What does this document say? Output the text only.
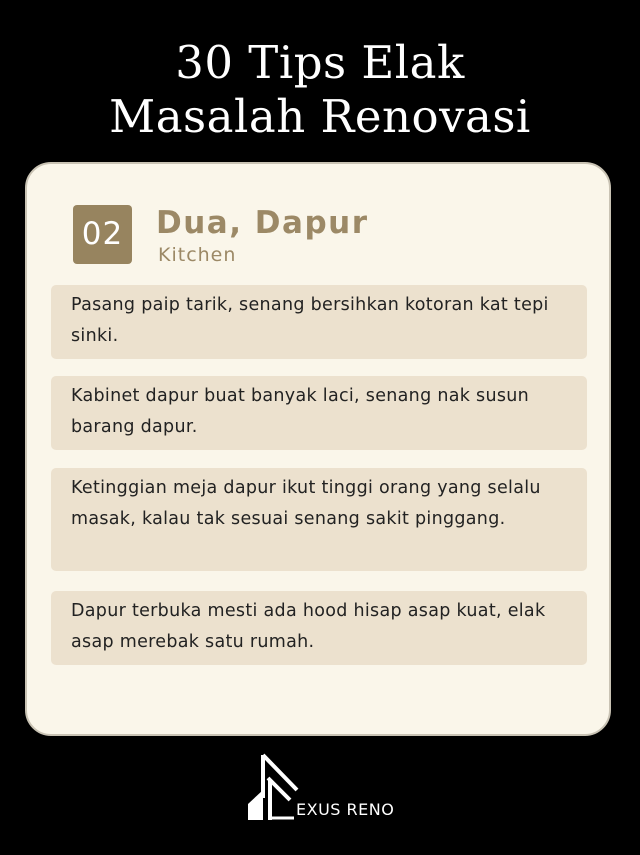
30 Tips Elak
Masalah Renovasi
02 Dua, Dapur
Kitchen
Pasang paip tarik, senang bersihkan kotoran kat tepi sinki.
Kabinet dapur buat banyak laci, senang nak susun barang dapur.
Ketinggian meja dapur ikut tinggi orang yang selalu masak, kalau tak sesuai senang sakit pinggang.
Dapur terbuka mesti ada hood hisap asap kuat, elak asap merebak satu rumah.
EXUS RENO
